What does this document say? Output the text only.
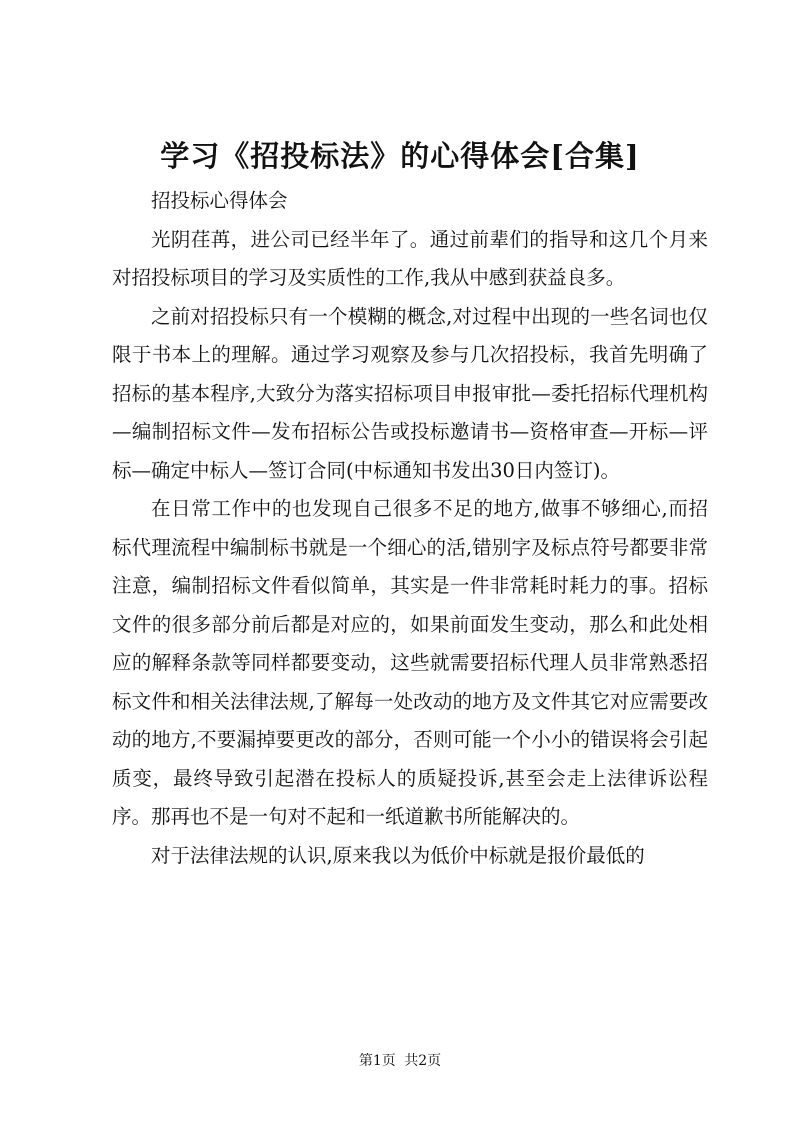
学习《招投标法》的心得体会[合集]

招投标心得体会

光阴荏苒，进公司已经半年了。通过前辈们的指导和这几个月来对招投标项目的学习及实质性的工作,我从中感到获益良多。

之前对招投标只有一个模糊的概念,对过程中出现的一些名词也仅限于书本上的理解。通过学习观察及参与几次招投标，我首先明确了招标的基本程序,大致分为落实招标项目申报审批—委托招标代理机构—编制招标文件—发布招标公告或投标邀请书—资格审查—开标—评标—确定中标人—签订合同(中标通知书发出30日内签订)。

在日常工作中的也发现自己很多不足的地方,做事不够细心,而招标代理流程中编制标书就是一个细心的活,错别字及标点符号都要非常注意，编制招标文件看似简单，其实是一件非常耗时耗力的事。招标文件的很多部分前后都是对应的，如果前面发生变动，那么和此处相应的解释条款等同样都要变动，这些就需要招标代理人员非常熟悉招标文件和相关法律法规,了解每一处改动的地方及文件其它对应需要改动的地方,不要漏掉要更改的部分，否则可能一个小小的错误将会引起质变，最终导致引起潜在投标人的质疑投诉,甚至会走上法律诉讼程序。那再也不是一句对不起和一纸道歉书所能解决的。

对于法律法规的认识,原来我以为低价中标就是报价最低的

第1页 共2页
